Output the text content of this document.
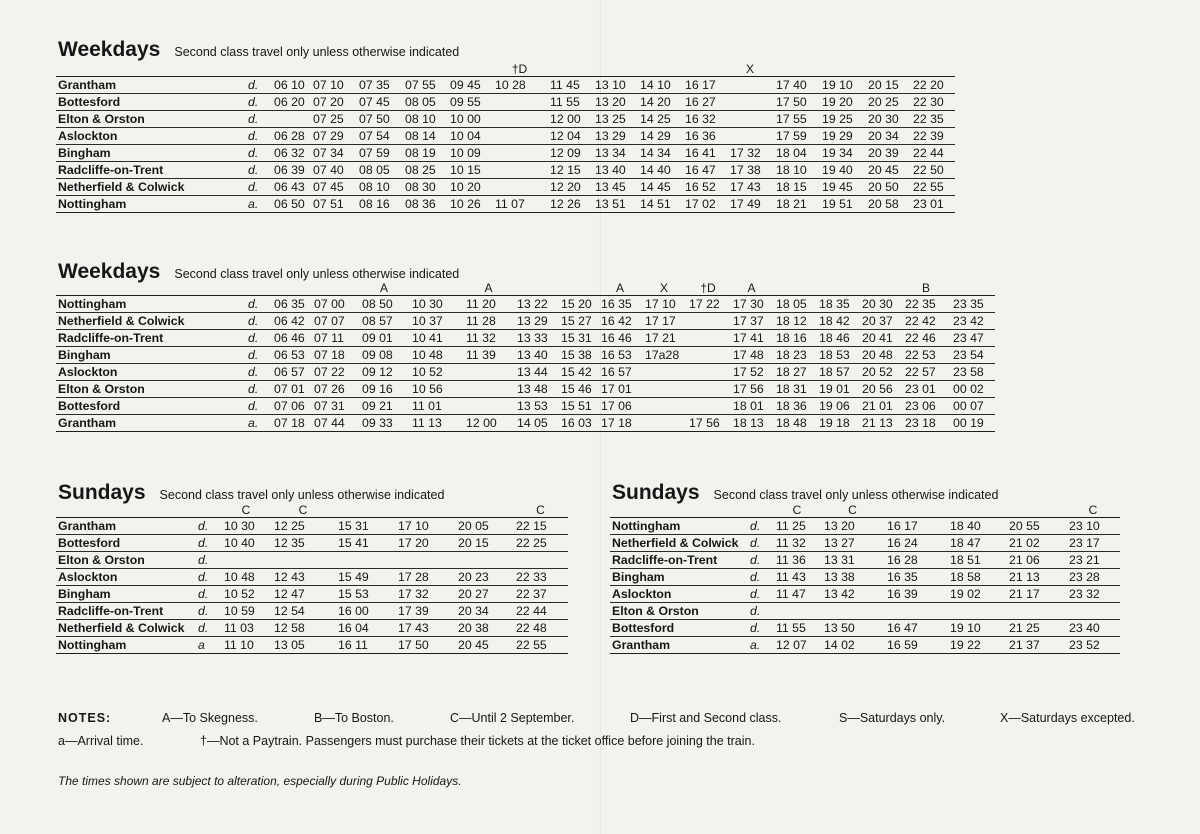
Weekdays Second class travel only unless otherwise indicated
							†D					X				
Grantham	d.	06 10	07 10	07 35	07 55	09 45	10 28	11 45	13 10	14 10	16 17		17 40	19 10	20 15	22 20
Bottesford	d.	06 20	07 20	07 45	08 05	09 55		11 55	13 20	14 20	16 27		17 50	19 20	20 25	22 30
Elton & Orston	d.		07 25	07 50	08 10	10 00		12 00	13 25	14 25	16 32		17 55	19 25	20 30	22 35
Aslockton	d.	06 28	07 29	07 54	08 14	10 04		12 04	13 29	14 29	16 36		17 59	19 29	20 34	22 39
Bingham	d.	06 32	07 34	07 59	08 19	10 09		12 09	13 34	14 34	16 41	17 32	18 04	19 34	20 39	22 44
Radcliffe-on-Trent	d.	06 39	07 40	08 05	08 25	10 15		12 15	13 40	14 40	16 47	17 38	18 10	19 40	20 45	22 50
Netherfield & Colwick	d.	06 43	07 45	08 10	08 30	10 20		12 20	13 45	14 45	16 52	17 43	18 15	19 45	20 50	22 55
Nottingham	a.	06 50	07 51	08 16	08 36	10 26	11 07	12 26	13 51	14 51	17 02	17 49	18 21	19 51	20 58	23 01
Weekdays Second class travel only unless otherwise indicated
				A		A			A	X	†D	A				B	
Nottingham	d.	06 35	07 00	08 50	10 30	11 20	13 22	15 20	16 35	17 10	17 22	17 30	18 05	18 35	20 30	22 35	23 35
Netherfield & Colwick	d.	06 42	07 07	08 57	10 37	11 28	13 29	15 27	16 42	17 17		17 37	18 12	18 42	20 37	22 42	23 42
Radcliffe-on-Trent	d.	06 46	07 11	09 01	10 41	11 32	13 33	15 31	16 46	17 21		17 41	18 16	18 46	20 41	22 46	23 47
Bingham	d.	06 53	07 18	09 08	10 48	11 39	13 40	15 38	16 53	17a28		17 48	18 23	18 53	20 48	22 53	23 54
Aslockton	d.	06 57	07 22	09 12	10 52		13 44	15 42	16 57			17 52	18 27	18 57	20 52	22 57	23 58
Elton & Orston	d.	07 01	07 26	09 16	10 56		13 48	15 46	17 01			17 56	18 31	19 01	20 56	23 01	00 02
Bottesford	d.	07 06	07 31	09 21	11 01		13 53	15 51	17 06			18 01	18 36	19 06	21 01	23 06	00 07
Grantham	a.	07 18	07 44	09 33	11 13	12 00	14 05	16 03	17 18		17 56	18 13	18 48	19 18	21 13	23 18	00 19
Sundays Second class travel only unless otherwise indicated
		C	C				C
Grantham	d.	10 30	12 25	15 31	17 10	20 05	22 15
Bottesford	d.	10 40	12 35	15 41	17 20	20 15	22 25
Elton & Orston	d.						
Aslockton	d.	10 48	12 43	15 49	17 28	20 23	22 33
Bingham	d.	10 52	12 47	15 53	17 32	20 27	22 37
Radcliffe-on-Trent	d.	10 59	12 54	16 00	17 39	20 34	22 44
Netherfield & Colwick	d.	11 03	12 58	16 04	17 43	20 38	22 48
Nottingham	a	11 10	13 05	16 11	17 50	20 45	22 55
Sundays Second class travel only unless otherwise indicated
		C	C				C
Nottingham	d.	11 25	13 20	16 17	18 40	20 55	23 10
Netherfield & Colwick	d.	11 32	13 27	16 24	18 47	21 02	23 17
Radcliffe-on-Trent	d.	11 36	13 31	16 28	18 51	21 06	23 21
Bingham	d.	11 43	13 38	16 35	18 58	21 13	23 28
Aslockton	d.	11 47	13 42	16 39	19 02	21 17	23 32
Elton & Orston	d.						
Bottesford	d.	11 55	13 50	16 47	19 10	21 25	23 40
Grantham	a.	12 07	14 02	16 59	19 22	21 37	23 52
NOTES:	A—To Skegness.	B—To Boston.	C—Until 2 September.	D—First and Second class.	S—Saturdays only.	X—Saturdays excepted.
a—Arrival time.	†—Not a Paytrain. Passengers must purchase their tickets at the ticket office before joining the train.
The times shown are subject to alteration, especially during Public Holidays.
